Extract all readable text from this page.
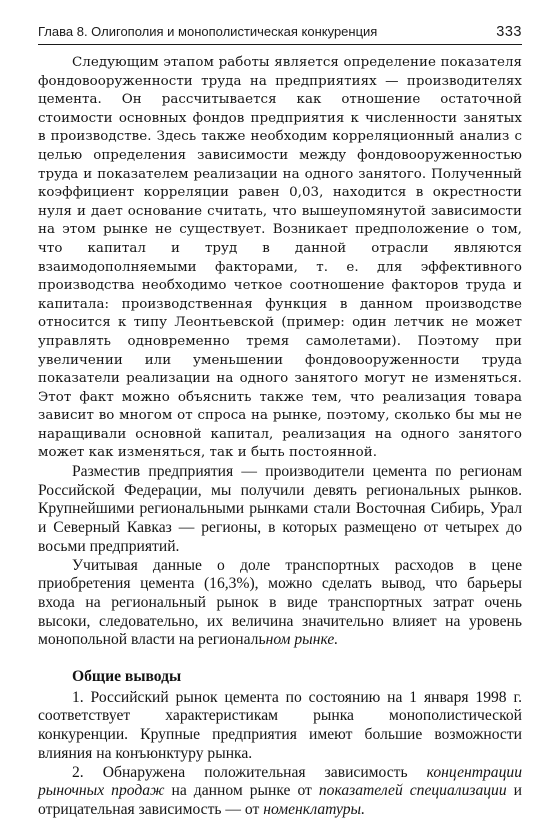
Глава 8. Олигополия и монополистическая конкуренция	333

Следующим этапом работы является определение показателя фондовооруженности труда на предприятиях — производителях цемента. Он рассчитывается как отношение остаточной стоимости основных фондов предприятия к численности занятых в производстве. Здесь также необходим корреляционный анализ с целью определения зависимости между фондовооруженностью труда и показателем реализации на одного занятого. Полученный коэффициент корреляции равен 0,03, находится в окрестности нуля и дает основание считать, что вышеупомянутой зависимости на этом рынке не существует. Возникает предположение о том, что капитал и труд в данной отрасли являются взаимодополняемыми факторами, т. е. для эффективного производства необходимо четкое соотношение факторов труда и капитала: производственная функция в данном производстве относится к типу Леонтьевской (пример: один летчик не может управлять одновременно тремя самолетами). Поэтому при увеличении или уменьшении фондовооруженности труда показатели реализации на одного занятого могут не изменяться. Этот факт можно объяснить также тем, что реализация товара зависит во многом от спроса на рынке, поэтому, сколько бы мы не наращивали основной капитал, реализация на одного занятого может как изменяться, так и быть постоянной.

Разместив предприятия — производители цемента по регионам Российской Федерации, мы получили девять региональных рынков. Крупнейшими региональными рынками стали Восточная Сибирь, Урал и Северный Кавказ — регионы, в которых размещено от четырех до восьми предприятий.

Учитывая данные о доле транспортных расходов в цене приобретения цемента (16,3%), можно сделать вывод, что барьеры входа на региональный рынок в виде транспортных затрат очень высоки, следовательно, их величина значительно влияет на уровень монопольной власти на региональном рынке.

Общие выводы

1. Российский рынок цемента по состоянию на 1 января 1998 г. соответствует характеристикам рынка монополистической конкуренции. Крупные предприятия имеют большие возможности влияния на конъюнктуру рынка.

2. Обнаружена положительная зависимость концентрации рыночных продаж на данном рынке от показателей специализации и отрицательная зависимость — от номенклатуры.
